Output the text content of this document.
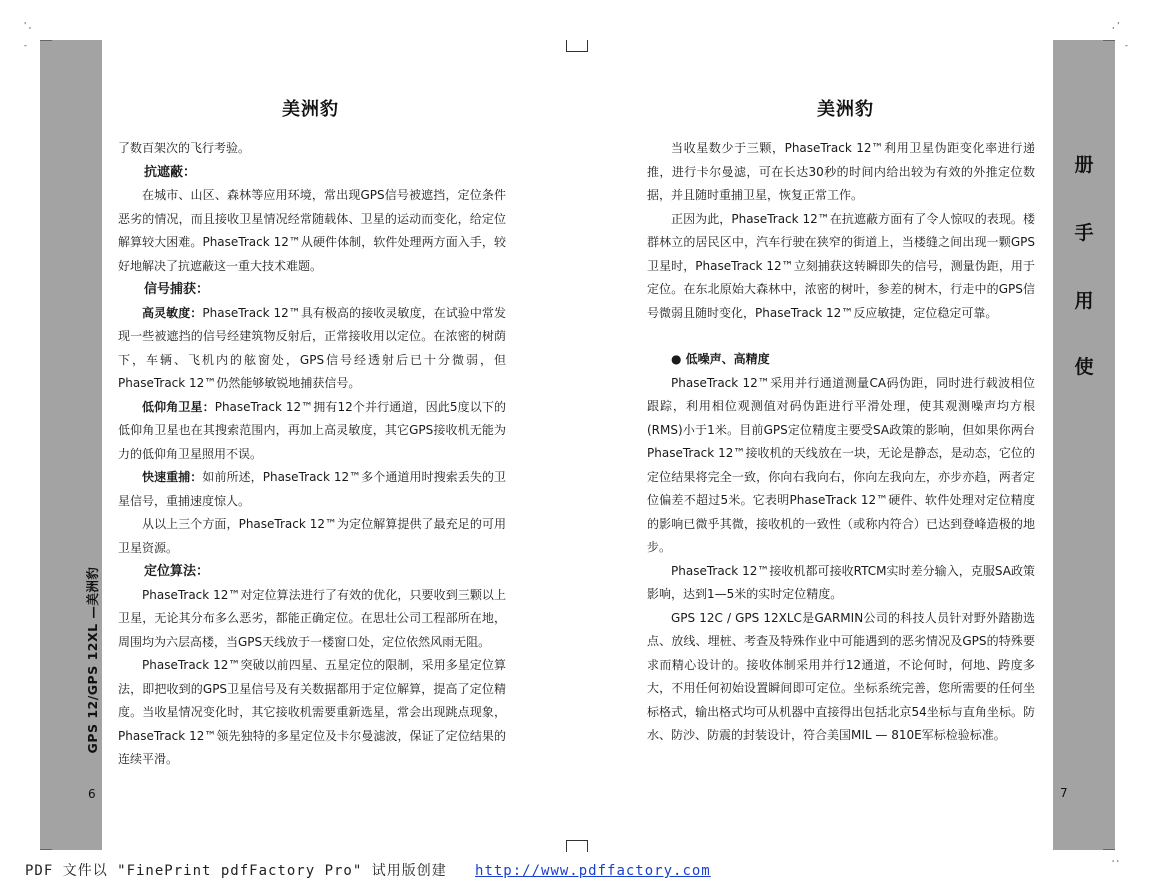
' ,	, '
-	-
' '
美洲豹	美洲豹

了数百架次的飞行考验。

抗遮蔽：

在城市、山区、森林等应用环境，常出现GPS信号被遮挡，定位条件恶劣的情况，而且接收卫星情况经常随载体、卫星的运动而变化，给定位解算较大困难。PhaseTrack 12™从硬件体制，软件处理两方面入手，较好地解决了抗遮蔽这一重大技术难题。

信号捕获：

高灵敏度：PhaseTrack 12™具有极高的接收灵敏度，在试验中常发现一些被遮挡的信号经建筑物反射后，正常接收用以定位。在浓密的树荫下，车辆、飞机内的舷窗处，GPS信号经透射后已十分微弱，但PhaseTrack 12™仍然能够敏锐地捕获信号。

低仰角卫星：PhaseTrack 12™拥有12个并行通道，因此5度以下的低仰角卫星也在其搜索范围内，再加上高灵敏度，其它GPS接收机无能为力的低仰角卫星照用不误。

快速重捕：如前所述，PhaseTrack 12™多个通道用时搜索丢失的卫星信号，重捕速度惊人。

从以上三个方面，PhaseTrack 12™为定位解算提供了最充足的可用卫星资源。

定位算法：

PhaseTrack 12™对定位算法进行了有效的优化，只要收到三颗以上卫星，无论其分布多么恶劣，都能正确定位。在思壮公司工程部所在地，周围均为六层高楼，当GPS天线放于一楼窗口处，定位依然风雨无阻。

PhaseTrack 12™突破以前四星、五星定位的限制，采用多星定位算法，即把收到的GPS卫星信号及有关数据都用于定位解算，提高了定位精度。当收星情况变化时，其它接收机需要重新选星，常会出现跳点现象，PhaseTrack 12™领先独特的多星定位及卡尔曼滤波，保证了定位结果的连续平滑。

当收星数少于三颗，PhaseTrack 12™利用卫星伪距变化率进行递推，进行卡尔曼滤，可在长达30秒的时间内给出较为有效的外推定位数据，并且随时重捕卫星，恢复正常工作。

正因为此，PhaseTrack 12™在抗遮蔽方面有了令人惊叹的表现。楼群林立的居民区中，汽车行驶在狭窄的街道上，当楼缝之间出现一颗GPS卫星时，PhaseTrack 12™立刻捕获这转瞬即失的信号，测量伪距，用于定位。在东北原始大森林中，浓密的树叶，参差的树木，行走中的GPS信号微弱且随时变化，PhaseTrack 12™反应敏捷，定位稳定可靠。

● 低噪声、高精度

PhaseTrack 12™采用并行通道测量CA码伪距，同时进行载波相位跟踪，利用相位观测值对码伪距进行平滑处理，使其观测噪声均方根(RMS)小于1米。目前GPS定位精度主要受SA政策的影响，但如果你两台PhaseTrack 12™接收机的天线放在一块，无论是静态，是动态，它位的定位结果将完全一致，你向右我向右，你向左我向左，亦步亦趋，两者定位偏差不超过5米。它表明PhaseTrack 12™硬件、软件处理对定位精度的影响已微乎其微，接收机的一致性（或称内符合）已达到登峰造极的地步。

PhaseTrack 12™接收机都可接收RTCM实时差分输入，克服SA政策影响，达到1—5米的实时定位精度。

GPS 12C / GPS 12XLC是GARMIN公司的科技人员针对野外踏勘选点、放线、埋桩、考查及特殊作业中可能遇到的恶劣情况及GPS的特殊要求而精心设计的。接收体制采用并行12通道，不论何时，何地、跨度多大，不用任何初始设置瞬间即可定位。坐标系统完善，您所需要的任何坐标格式，输出格式均可从机器中直接得出包括北京54坐标与直角坐标。防水、防沙、防震的封装设计，符合美国MIL — 810E军标检验标准。

GPS 12/GPS 12XL —美洲豹
6	7
册
手
用
使
PDF 文件以 "FinePrint pdfFactory Pro" 试用版创建 http://www.pdffactory.com
